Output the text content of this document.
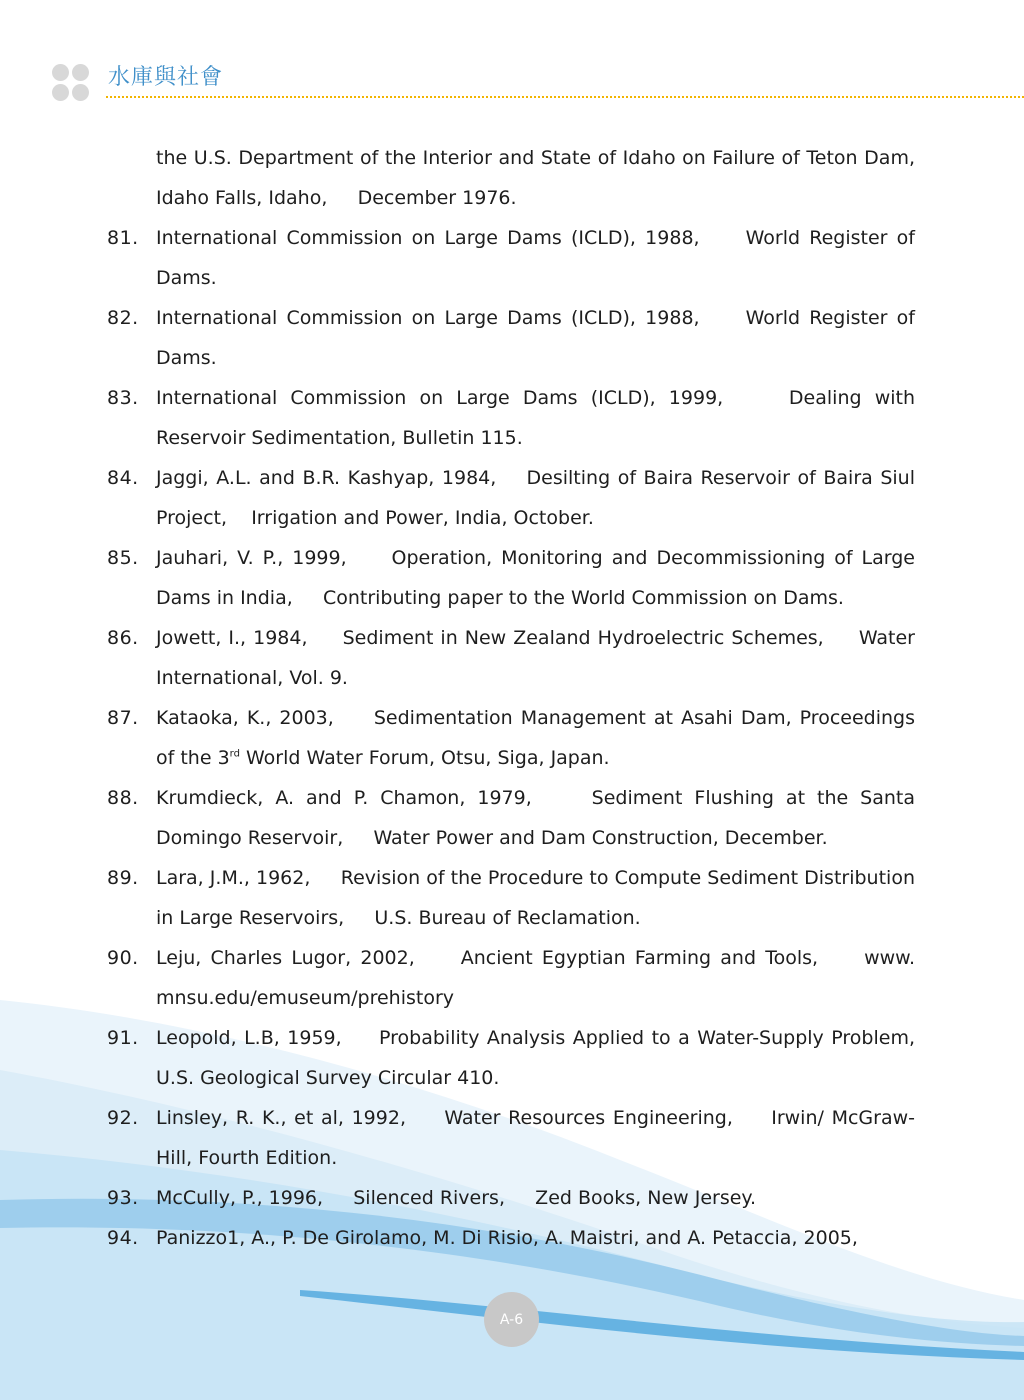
水庫與社會
the U.S. Department of the Interior and State of Idaho on Failure of Teton Dam, Idaho Falls, Idaho,     December 1976.
81. International Commission on Large Dams (ICLD), 1988,     World Register of Dams.
82. International Commission on Large Dams (ICLD), 1988,     World Register of Dams.
83. International Commission on Large Dams (ICLD), 1999,     Dealing with Reservoir Sedimentation, Bulletin 115.
84. Jaggi, A.L. and B.R. Kashyap, 1984,    Desilting of Baira Reservoir of Baira Siul Project,    Irrigation and Power, India, October.
85. Jauhari, V. P., 1999,     Operation, Monitoring and Decommissioning of Large Dams in India,     Contributing paper to the World Commission on Dams.
86. Jowett, I., 1984,     Sediment in New Zealand Hydroelectric Schemes,     Water International, Vol. 9.
87. Kataoka, K., 2003,     Sedimentation Management at Asahi Dam, Proceedings of the 3rd World Water Forum, Otsu, Siga, Japan.
88. Krumdieck, A. and P. Chamon, 1979,     Sediment Flushing at the Santa Domingo Reservoir,     Water Power and Dam Construction, December.
89. Lara, J.M., 1962,     Revision of the Procedure to Compute Sediment Distribution in Large Reservoirs,     U.S. Bureau of Reclamation.
90. Leju, Charles Lugor, 2002,     Ancient Egyptian Farming and Tools,     www. mnsu.edu/emuseum/prehistory
91. Leopold, L.B, 1959,     Probability Analysis Applied to a Water-Supply Problem,     U.S. Geological Survey Circular 410.
92. Linsley, R. K., et al, 1992,     Water Resources Engineering,     Irwin/ McGraw-Hill, Fourth Edition.
93. McCully, P., 1996,     Silenced Rivers,     Zed Books, New Jersey.
94. Panizzo1, A., P. De Girolamo, M. Di Risio, A. Maistri, and A. Petaccia, 2005,
A-6
